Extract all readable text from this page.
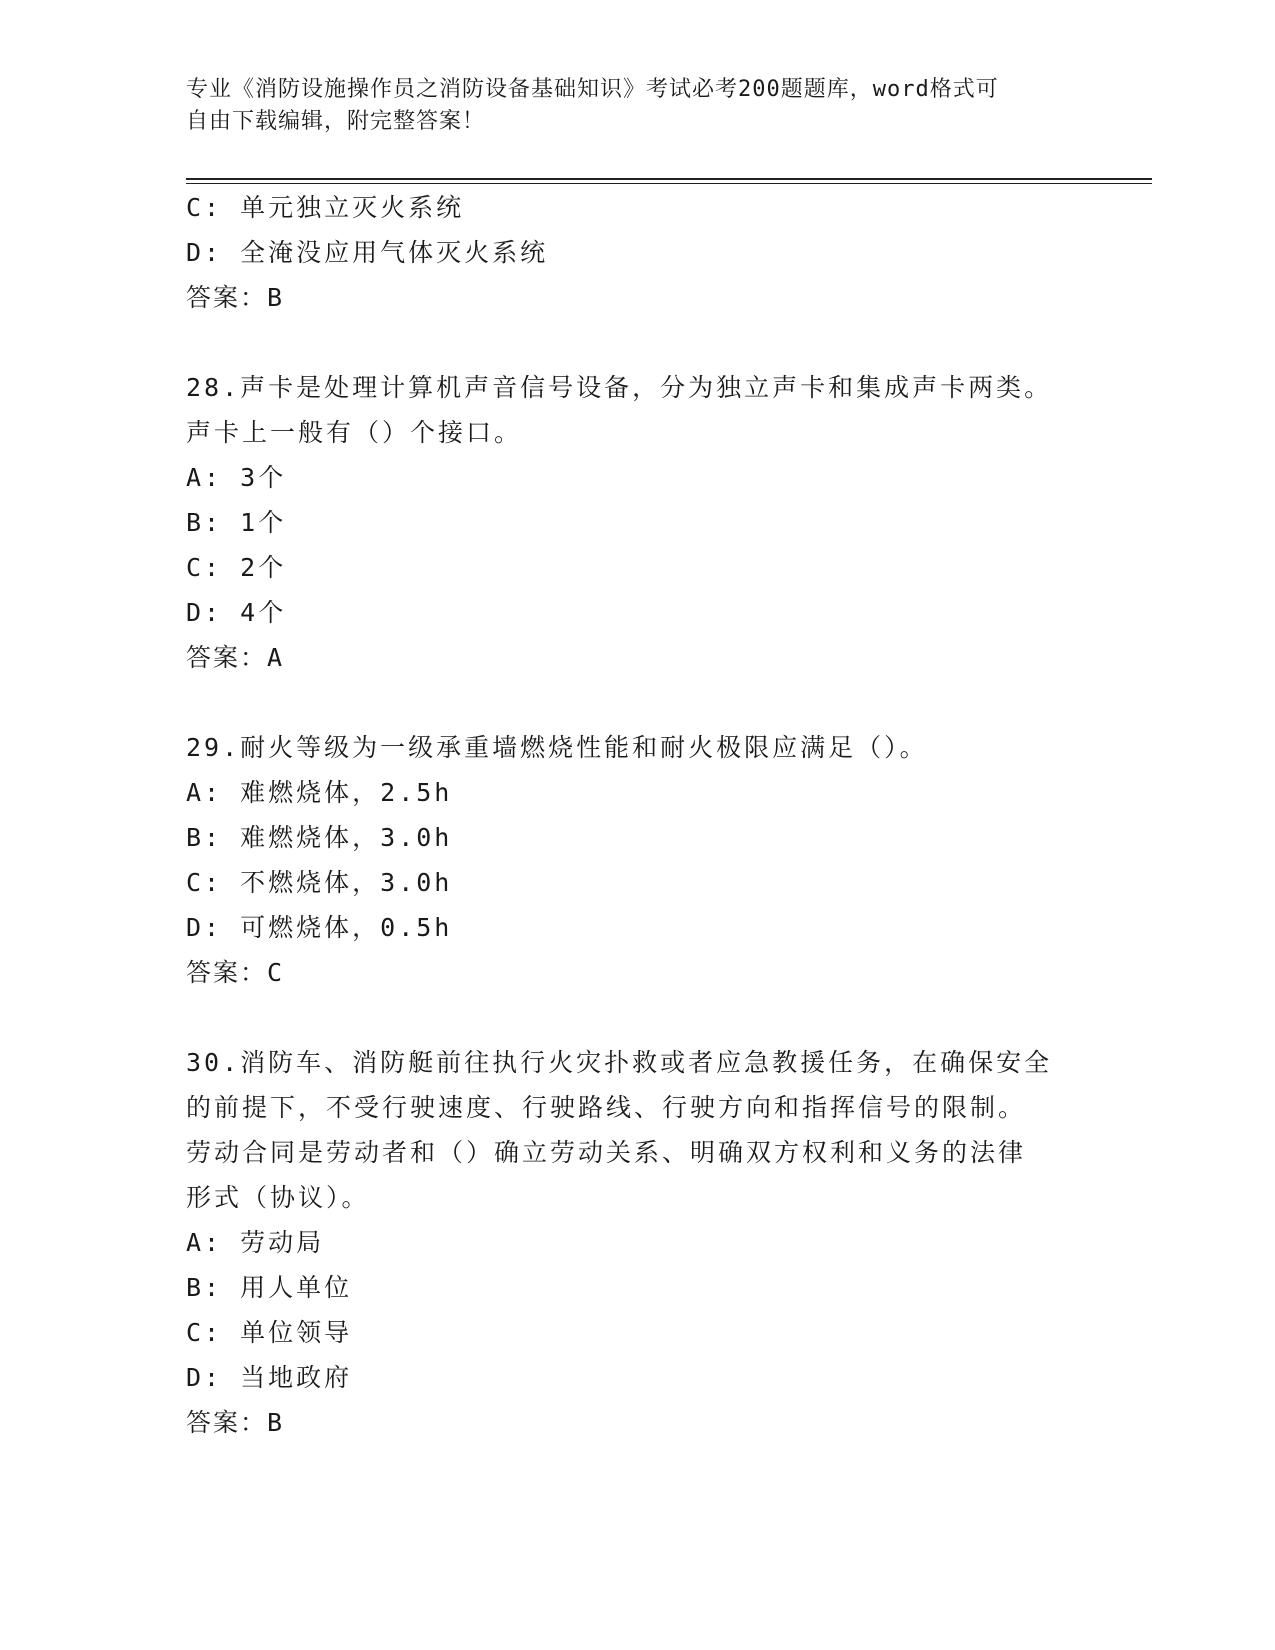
专业《消防设施操作员之消防设备基础知识》考试必考200题题库，word格式可
自由下载编辑，附完整答案！
C: 单元独立灭火系统
D: 全淹没应用气体灭火系统
答案：B
28.声卡是处理计算机声音信号设备，分为独立声卡和集成声卡两类。
声卡上一般有（）个接口。
A: 3个
B: 1个
C: 2个
D: 4个
答案：A
29.耐火等级为一级承重墙燃烧性能和耐火极限应满足（）。
A: 难燃烧体，2.5h
B: 难燃烧体，3.0h
C: 不燃烧体，3.0h
D: 可燃烧体，0.5h
答案：C
30.消防车、消防艇前往执行火灾扑救或者应急教援任务，在确保安全
的前提下，不受行驶速度、行驶路线、行驶方向和指挥信号的限制。
劳动合同是劳动者和（）确立劳动关系、明确双方权利和义务的法律
形式（协议）。
A: 劳动局
B: 用人单位
C: 单位领导
D: 当地政府
答案：B
